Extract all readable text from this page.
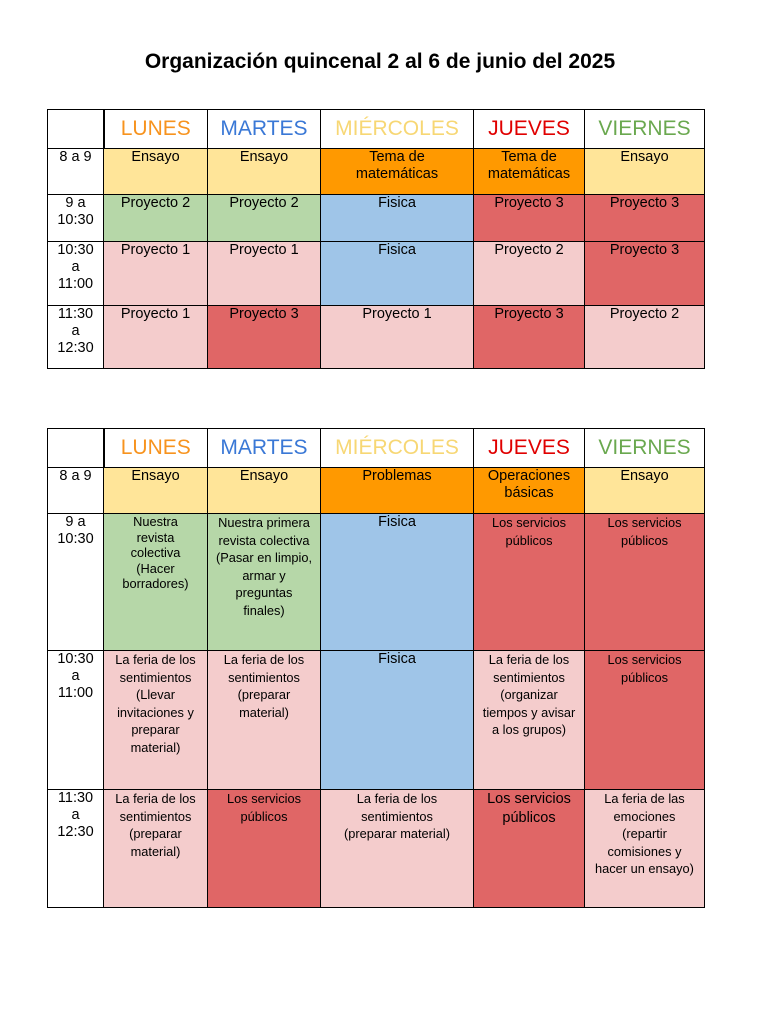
Organización quincenal 2 al 6 de junio del 2025
	LUNES	MARTES	MIÉRCOLES	JUEVES	VIERNES
8 a 9	Ensayo	Ensayo	Tema de matemáticas	Tema de matemáticas	Ensayo

9 a 10:30	Proyecto 2	Proyecto 2	Fisica	Proyecto 3	Proyecto 3

10:30 a 11:00	Proyecto 1	Proyecto 1	Fisica	Proyecto 2	Proyecto 3

11:30 a 12:30	Proyecto 1	Proyecto 3	Proyecto 1	Proyecto 3	Proyecto 2
	LUNES	MARTES	MIÉRCOLES	JUEVES	VIERNES
8 a 9	Ensayo	Ensayo	Problemas	Operaciones básicas	Ensayo

9 a 10:30	Nuestra revista colectiva (Hacer borradores)	Nuestra primera revista colectiva (Pasar en limpio, armar y preguntas finales)	Fisica	Los servicios públicos	Los servicios públicos

10:30 a 11:00	La feria de los sentimientos (Llevar invitaciones y preparar material)	La feria de los sentimientos (preparar material)	Fisica	La feria de los sentimientos (organizar tiempos y avisar a los grupos)	Los servicios públicos

11:30 a 12:30	La feria de los sentimientos (preparar material)	Los servicios públicos	La feria de los sentimientos (preparar material)	Los servicios públicos	La feria de las emociones (repartir comisiones y hacer un ensayo)
